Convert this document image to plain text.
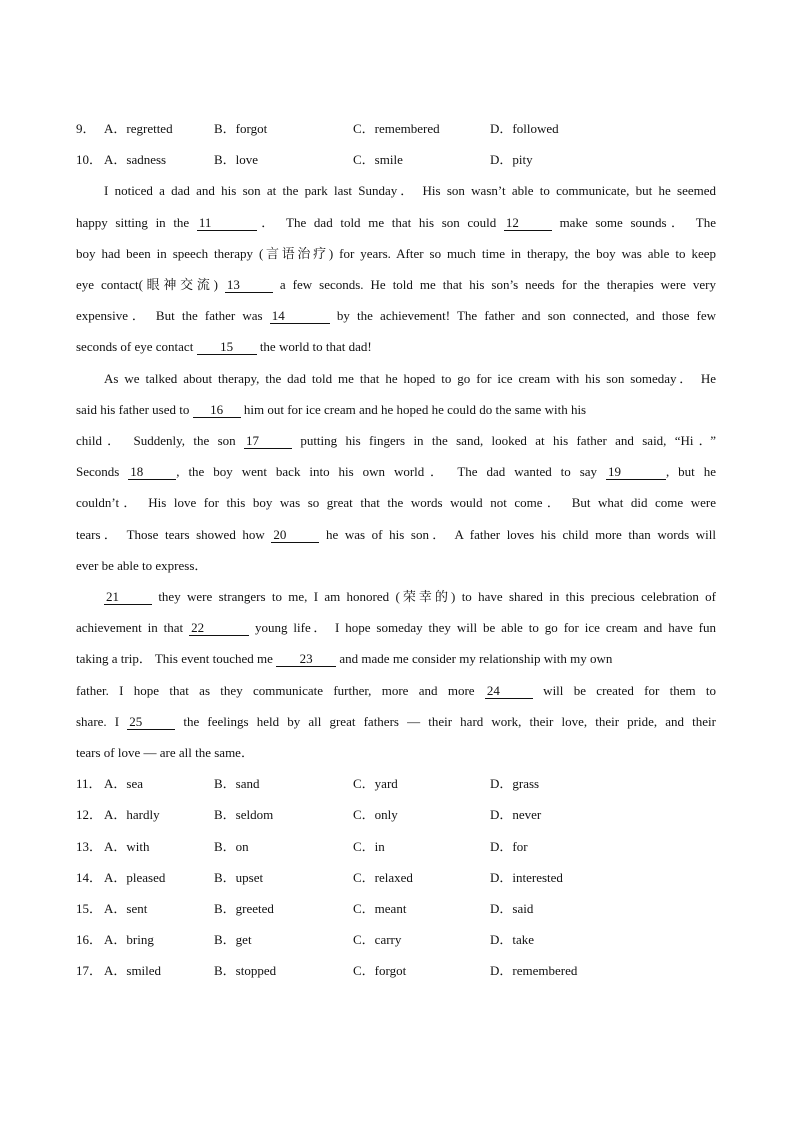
9． A．regretted	B．forgot	C．remembered	D．followed
10． A．sadness	B．love	C．smile	D．pity
I noticed a dad and his son at the park last Sunday． His son wasn’t able to communicate, but he seemed
happy sitting in the 11	． The dad told me that his son could 12	make some sounds． The
boy had been in speech therapy (言语治疗) for years. After so much time in therapy, the boy was able to keep
eye contact(眼神交流) 13	a few seconds. He told me that his son’s needs for the therapies were very
expensive． But the father was 14	by the achievement! The father and son connected, and those few
seconds of eye contact 15 the world to that dad!
As we talked about therapy, the dad told me that he hoped to go for ice cream with his son someday． He
said his father used to 16 him out for ice cream and he hoped he could do the same with his
child． Suddenly, the son 17	putting his fingers in the sand, looked at his father and said, “Hi．”
Seconds 18	, the boy went back into his own world． The dad wanted to say 19	, but he
couldn’t． His love for this boy was so great that the words would not come． But what did come were
tears． Those tears showed how 20	he was of his son． A father loves his child more than words will
ever be able to express．
21	they were strangers to me, I am honored (荣幸的) to have shared in this precious celebration of
achievement in that 22	young life． I hope someday they will be able to go for ice cream and have fun
taking a trip． This event touched me 23 and made me consider my relationship with my own
father. I hope that as they communicate further, more and more 24	will be created for them to
share. I 25	the feelings held by all great fathers — their hard work, their love, their pride, and their
tears of love — are all the same．
11． A．sea	B．sand	C．yard	D．grass
12． A．hardly	B．seldom	C．only	D．never
13． A．with	B．on	C．in	D．for
14． A．pleased	B．upset	C．relaxed	D．interested
15． A．sent	B．greeted	C．meant	D．said
16． A．bring	B．get	C．carry	D．take
17． A．smiled	B．stopped	C．forgot	D．remembered
